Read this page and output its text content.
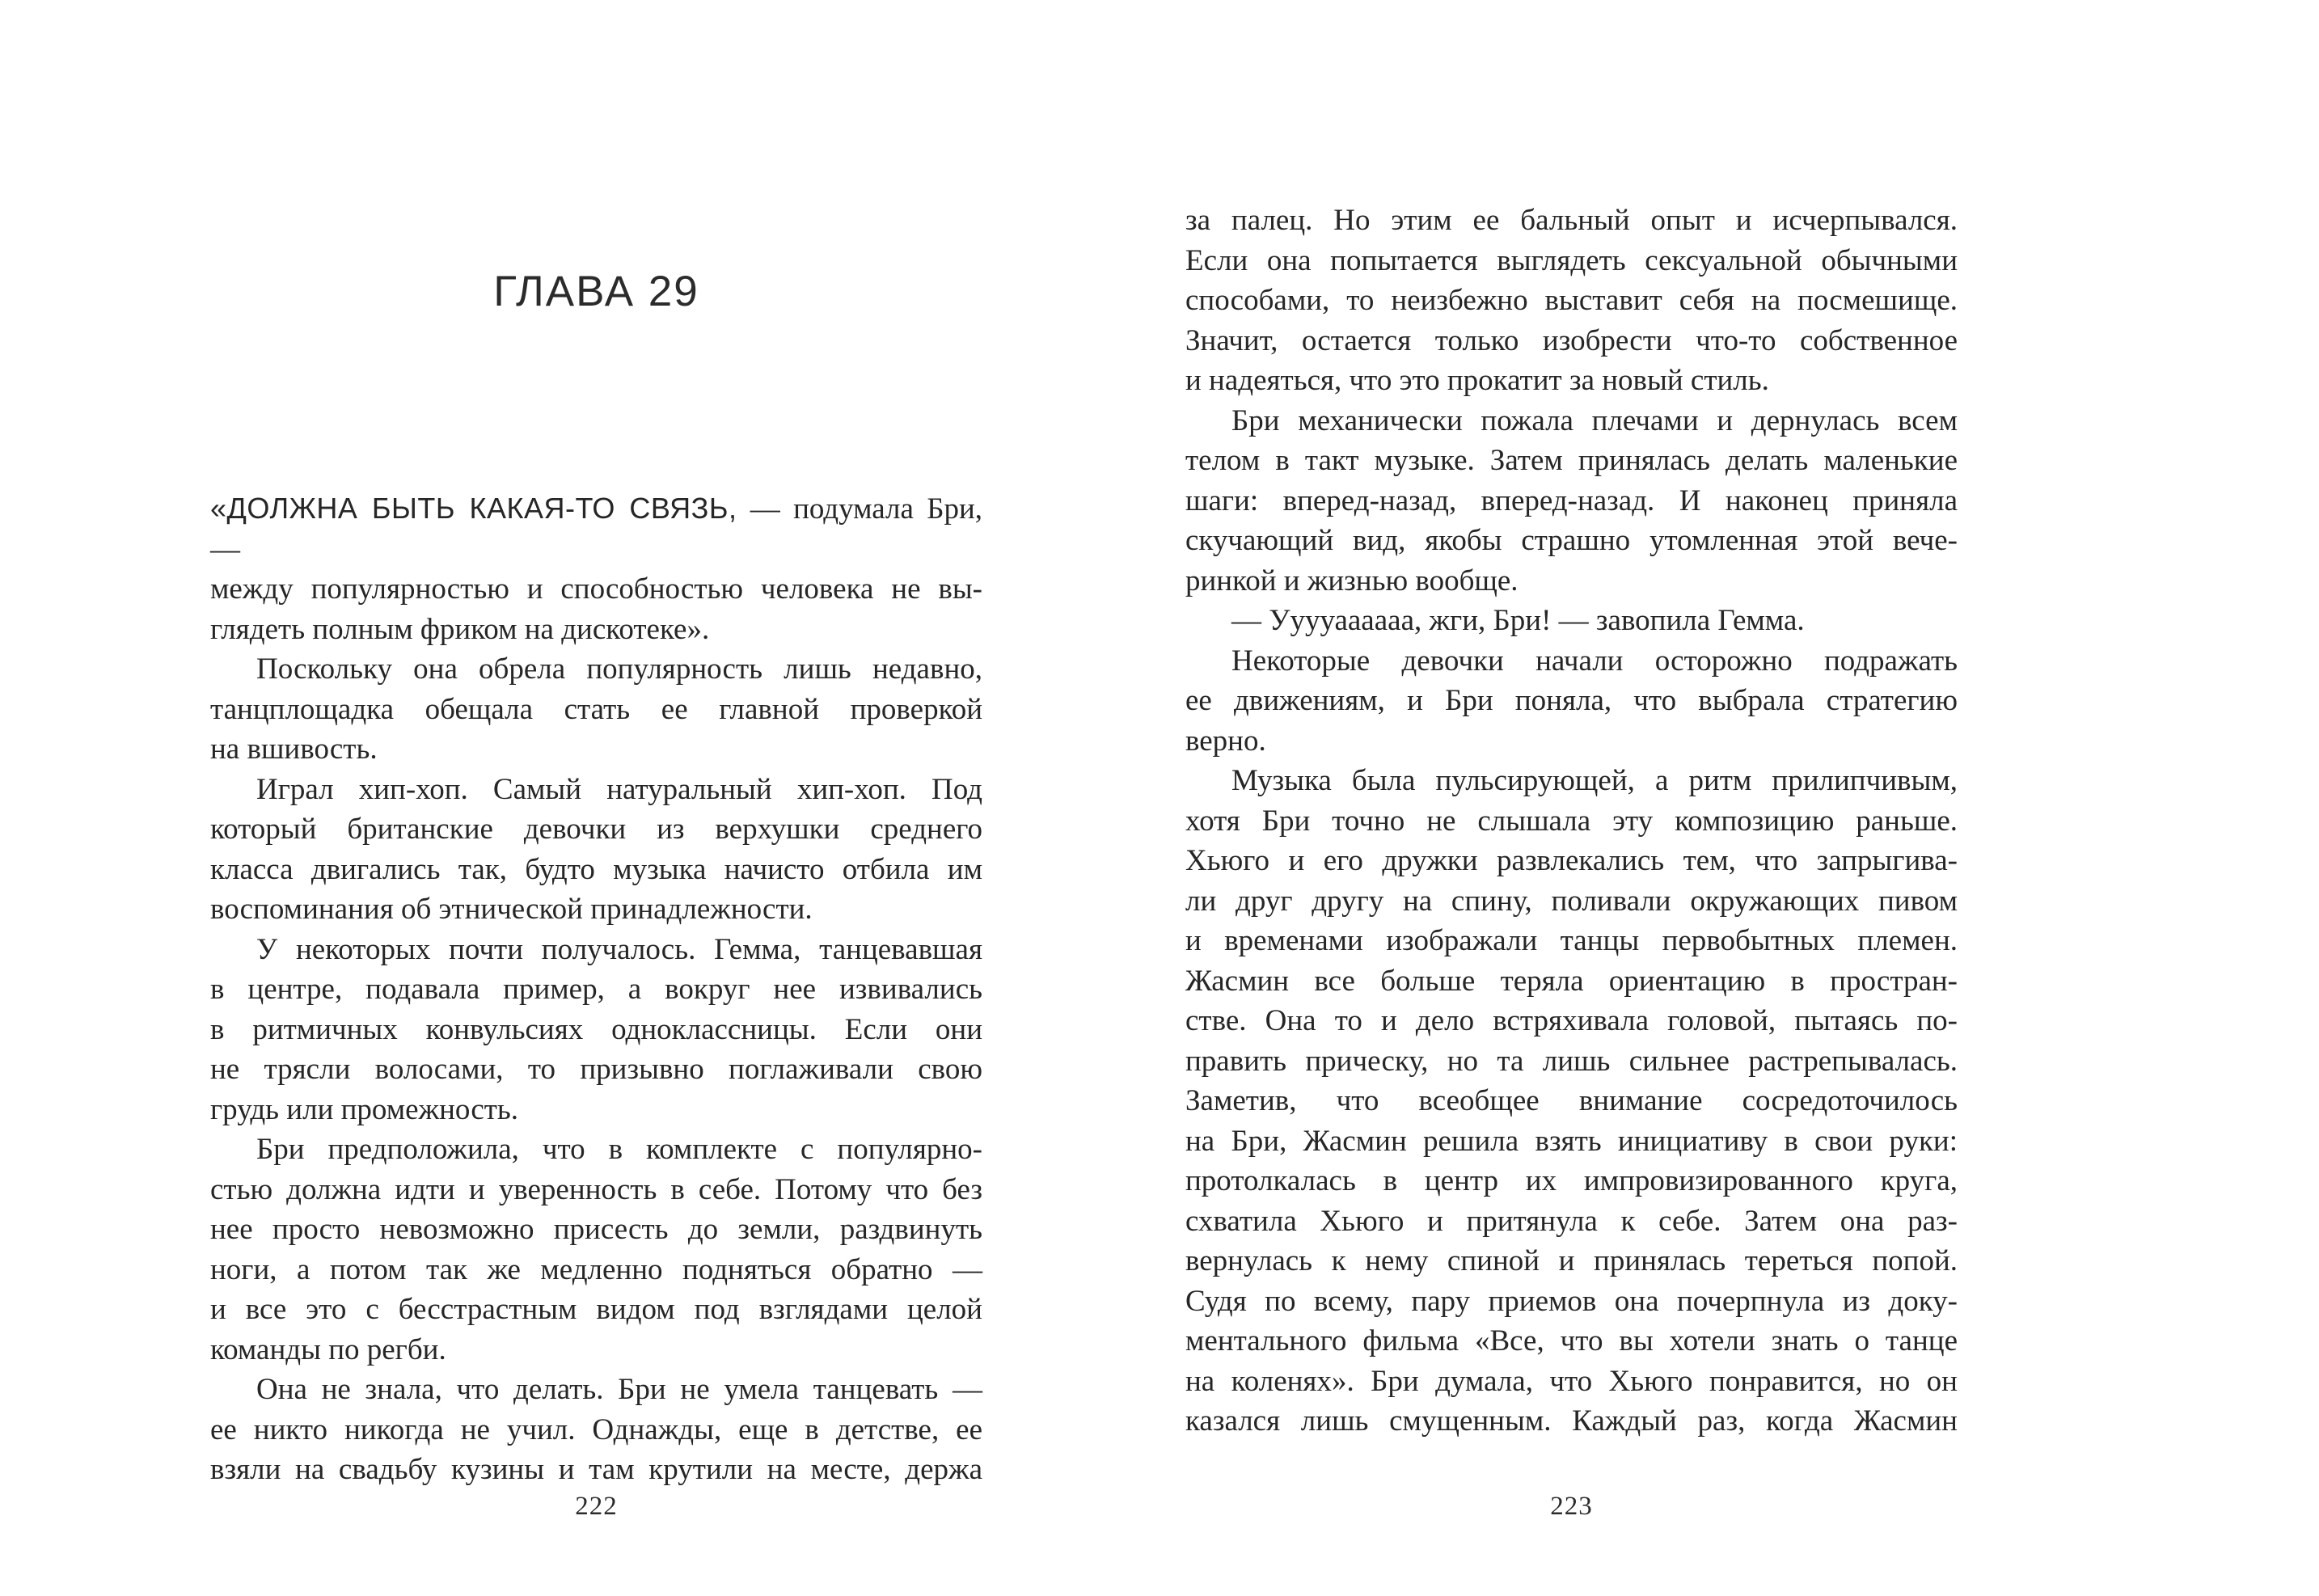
ГЛАВА 29
«ДОЛЖНА БЫТЬ КАКАЯ-ТО СВЯЗЬ, — подумала Бри, —
между популярностью и способностью человека не вы-
глядеть полным фриком на дискотеке».
Поскольку она обрела популярность лишь недавно,
танцплощадка обещала стать ее главной проверкой
на вшивость.
Играл хип-хоп. Самый натуральный хип-хоп. Под
который британские девочки из верхушки среднего
класса двигались так, будто музыка начисто отбила им
воспоминания об этнической принадлежности.
У некоторых почти получалось. Гемма, танцевавшая
в центре, подавала пример, а вокруг нее извивались
в ритмичных конвульсиях одноклассницы. Если они
не трясли волосами, то призывно поглаживали свою
грудь или промежность.
Бри предположила, что в комплекте с популярно-
стью должна идти и уверенность в себе. Потому что без
нее просто невозможно присесть до земли, раздвинуть
ноги, а потом так же медленно подняться обратно —
и все это с бесстрастным видом под взглядами целой
команды по регби.
Она не знала, что делать. Бри не умела танцевать —
ее никто никогда не учил. Однажды, еще в детстве, ее
взяли на свадьбу кузины и там крутили на месте, держа
222
за палец. Но этим ее бальный опыт и исчерпывался.
Если она попытается выглядеть сексуальной обычными
способами, то неизбежно выставит себя на посмешище.
Значит, остается только изобрести что-то собственное
и надеяться, что это прокатит за новый стиль.
Бри механически пожала плечами и дернулась всем
телом в такт музыке. Затем принялась делать маленькие
шаги: вперед-назад, вперед-назад. И наконец приняла
скучающий вид, якобы страшно утомленная этой вече-
ринкой и жизнью вообще.
— Ууууаааааа, жги, Бри! — завопила Гемма.
Некоторые девочки начали осторожно подражать
ее движениям, и Бри поняла, что выбрала стратегию
верно.
Музыка была пульсирующей, а ритм прилипчивым,
хотя Бри точно не слышала эту композицию раньше.
Хьюго и его дружки развлекались тем, что запрыгива-
ли друг другу на спину, поливали окружающих пивом
и временами изображали танцы первобытных племен.
Жасмин все больше теряла ориентацию в простран-
стве. Она то и дело встряхивала головой, пытаясь по-
править прическу, но та лишь сильнее растрепывалась.
Заметив, что всеобщее внимание сосредоточилось
на Бри, Жасмин решила взять инициативу в свои руки:
протолкалась в центр их импровизированного круга,
схватила Хьюго и притянула к себе. Затем она раз-
вернулась к нему спиной и принялась тереться попой.
Судя по всему, пару приемов она почерпнула из доку-
ментального фильма «Все, что вы хотели знать о танце
на коленях». Бри думала, что Хьюго понравится, но он
казался лишь смущенным. Каждый раз, когда Жасмин
223
